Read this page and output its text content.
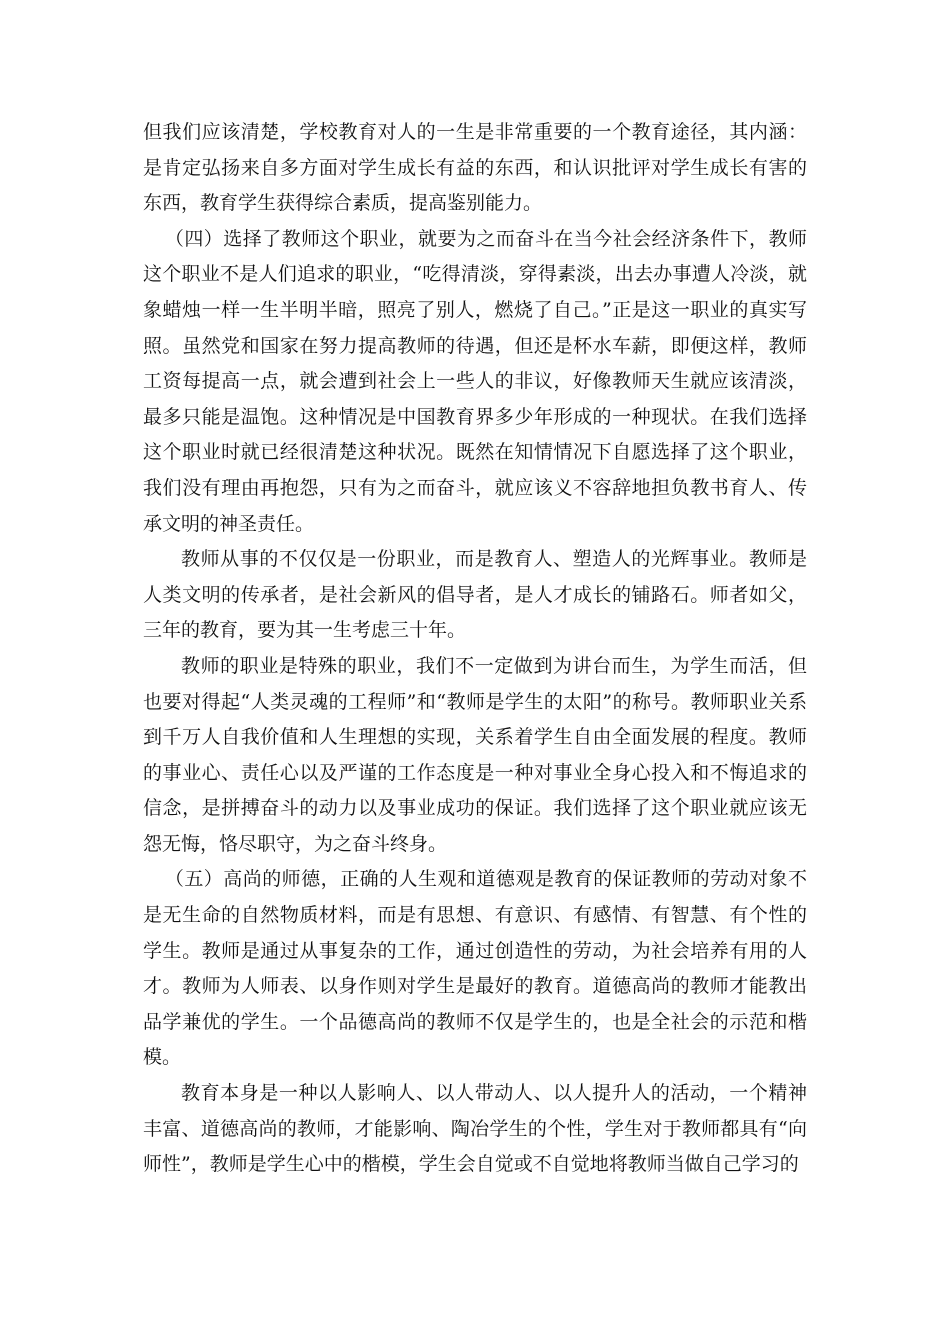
但我们应该清楚，学校教育对人的一生是非常重要的一个教育途径，其内涵：是肯定弘扬来自多方面对学生成长有益的东西，和认识批评对学生成长有害的东西，教育学生获得综合素质，提高鉴别能力。

（四）选择了教师这个职业，就要为之而奋斗在当今社会经济条件下，教师这个职业不是人们追求的职业，“吃得清淡，穿得素淡，出去办事遭人冷淡，就象蜡烛一样一生半明半暗，照亮了别人，燃烧了自己。”正是这一职业的真实写照。虽然党和国家在努力提高教师的待遇，但还是杯水车薪，即便这样，教师工资每提高一点，就会遭到社会上一些人的非议，好像教师天生就应该清淡，最多只能是温饱。这种情况是中国教育界多少年形成的一种现状。在我们选择这个职业时就已经很清楚这种状况。既然在知情情况下自愿选择了这个职业，我们没有理由再抱怨，只有为之而奋斗，就应该义不容辞地担负教书育人、传承文明的神圣责任。

教师从事的不仅仅是一份职业，而是教育人、塑造人的光辉事业。教师是人类文明的传承者，是社会新风的倡导者，是人才成长的铺路石。师者如父，三年的教育，要为其一生考虑三十年。

教师的职业是特殊的职业，我们不一定做到为讲台而生，为学生而活，但也要对得起“人类灵魂的工程师”和“教师是学生的太阳”的称号。教师职业关系到千万人自我价值和人生理想的实现，关系着学生自由全面发展的程度。教师的事业心、责任心以及严谨的工作态度是一种对事业全身心投入和不悔追求的信念，是拼搏奋斗的动力以及事业成功的保证。我们选择了这个职业就应该无怨无悔，恪尽职守，为之奋斗终身。

（五）高尚的师德，正确的人生观和道德观是教育的保证教师的劳动对象不是无生命的自然物质材料，而是有思想、有意识、有感情、有智慧、有个性的学生。教师是通过从事复杂的工作，通过创造性的劳动，为社会培养有用的人才。教师为人师表、以身作则对学生是最好的教育。道德高尚的教师才能教出品学兼优的学生。一个品德高尚的教师不仅是学生的，也是全社会的示范和楷模。

教育本身是一种以人影响人、以人带动人、以人提升人的活动，一个精神丰富、道德高尚的教师，才能影响、陶冶学生的个性，学生对于教师都具有“向师性”，教师是学生心中的楷模，学生会自觉或不自觉地将教师当做自己学习的
